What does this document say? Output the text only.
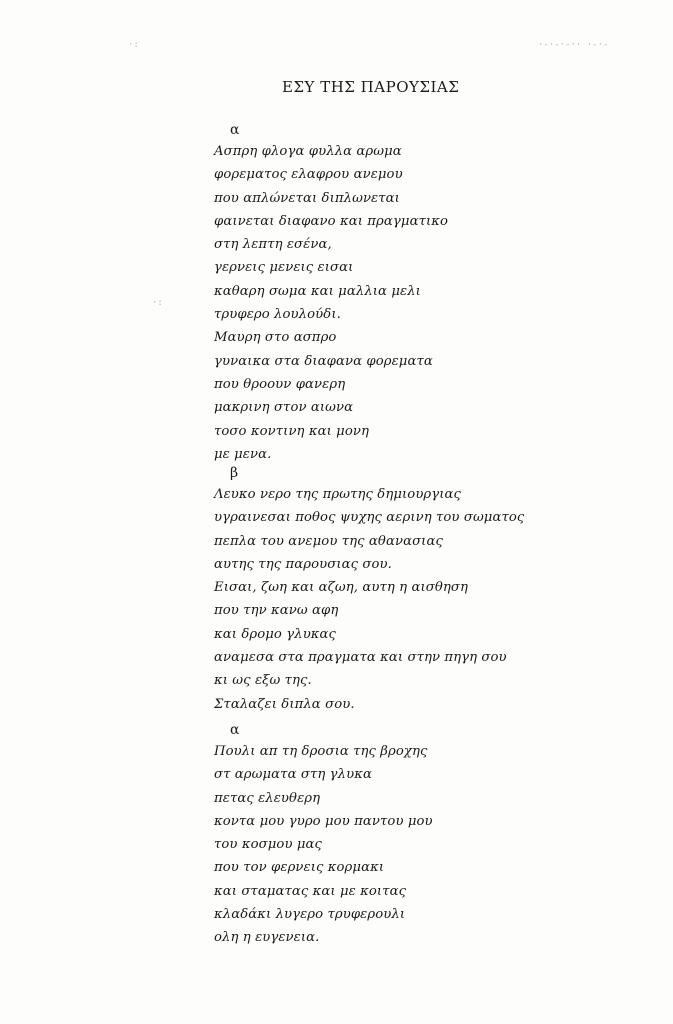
·:	·-·-·-·· ·-·-
·:
ΕΣΥ ΤΗΣ ΠΑΡΟΥΣΙΑΣ
α
Ασπρη φλογα φυλλα αρωμα
φορεματος ελαφρου ανεμου
που απλώνεται διπλωνεται
φαινεται διαφανο και πραγματικο
στη λεπτη εσένα,
γερνεις μενεις εισαι
καθαρη σωμα και μαλλια μελι
τρυφερο λουλούδι.
Μαυρη στο ασπρο
γυναικα στα διαφανα φορεματα
που θροουν φανερη
μακρινη στον αιωνα
τοσο κοντινη και μονη
με μενα.
β
Λευκο νερο της πρωτης δημιουργιας
υγραινεσαι ποθος ψυχης αερινη του σωματος
πεπλα του ανεμου της αθανασιας
αυτης της παρουσιας σου.
Εισαι, ζωη και αζωη, αυτη η αισθηση
που την κανω αφη
και δρομο γλυκας
αναμεσα στα πραγματα και στην πηγη σου
κι ως εξω της.
Σταλαζει διπλα σου.
α
Πουλι απ τη δροσια της βροχης
στ αρωματα στη γλυκα
πετας ελευθερη
κοντα μου γυρο μου παντου μου
του κοσμου μας
που τον φερνεις κορμακι
και σταματας και με κοιτας
κλαδάκι λυγερο τρυφερουλι
ολη η ευγενεια.
